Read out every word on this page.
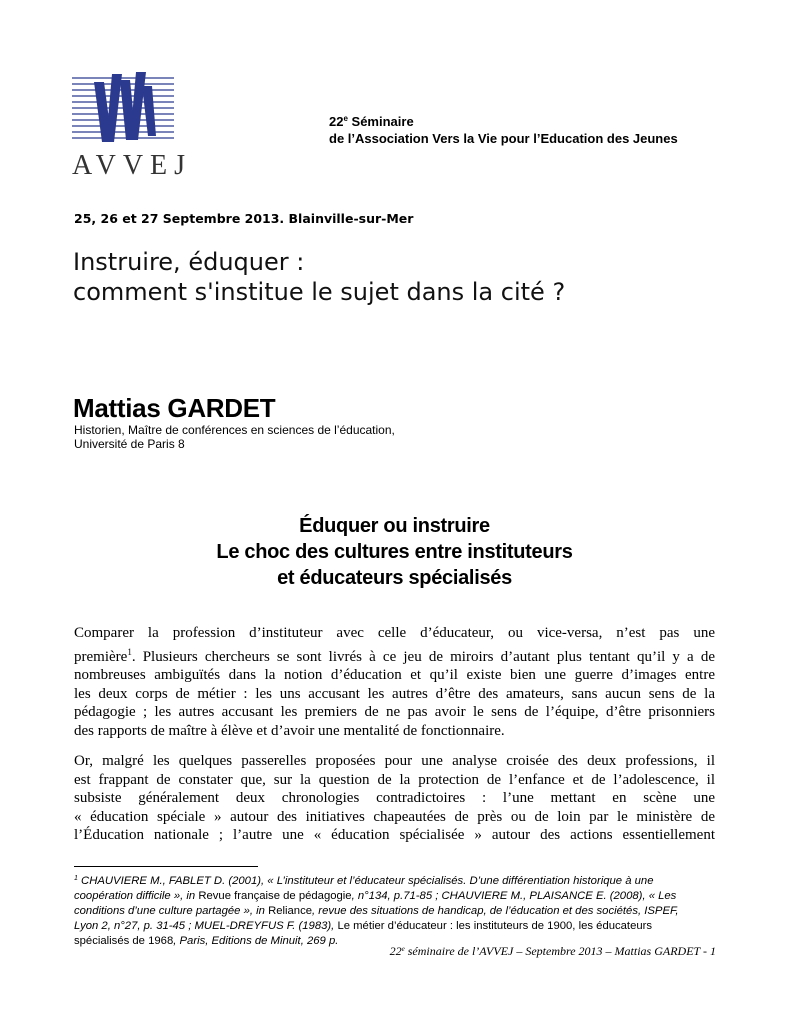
AVVEJ
22e Séminaire
de l’Association Vers la Vie pour l’Education des Jeunes
25, 26 et 27 Septembre 2013. Blainville-sur-Mer
Instruire, éduquer :
comment s'institue le sujet dans la cité ?
Mattias GARDET
Historien, Maître de conférences en sciences de l’éducation,
Université de Paris 8
Éduquer ou instruire
Le choc des cultures entre instituteurs
et éducateurs spécialisés
Comparer la profession d’instituteur avec celle d’éducateur, ou vice-versa, n’est pas une
première$^1$. Plusieurs chercheurs se sont livrés à ce jeu de miroirs d’autant plus tentant qu’il y a de
nombreuses ambiguïtés dans la notion d’éducation et qu’il existe bien une guerre d’images entre
les deux corps de métier : les uns accusant les autres d’être des amateurs, sans aucun sens de la
pédagogie ; les autres accusant les premiers de ne pas avoir le sens de l’équipe, d’être prisonniers
des rapports de maître à élève et d’avoir une mentalité de fonctionnaire.
Or, malgré les quelques passerelles proposées pour une analyse croisée des deux professions, il
est frappant de constater que, sur la question de la protection de l’enfance et de l’adolescence, il
subsiste généralement deux chronologies contradictoires : l’une mettant en scène une
« éducation spéciale » autour des initiatives chapeautées de près ou de loin par le ministère de
l’Éducation nationale ; l’autre une « éducation spécialisée » autour des actions essentiellement
$^1$ CHAUVIERE M., FABLET D. (2001), « L’instituteur et l’éducateur spécialisés. D’une différentiation historique à une
coopération difficile », in Revue française de pédagogie, n°134, p.71-85 ; CHAUVIERE M., PLAISANCE E. (2008), « Les
conditions d’une culture partagée », in Reliance, revue des situations de handicap, de l’éducation et des sociétés, ISPEF,
Lyon 2, n°27, p. 31-45 ; MUEL-DREYFUS F. (1983), Le métier d’éducateur : les instituteurs de 1900, les éducateurs
spécialisés de 1968, Paris, Editions de Minuit, 269 p.
22e séminaire de l’AVVEJ – Septembre 2013 – Mattias GARDET - 1
